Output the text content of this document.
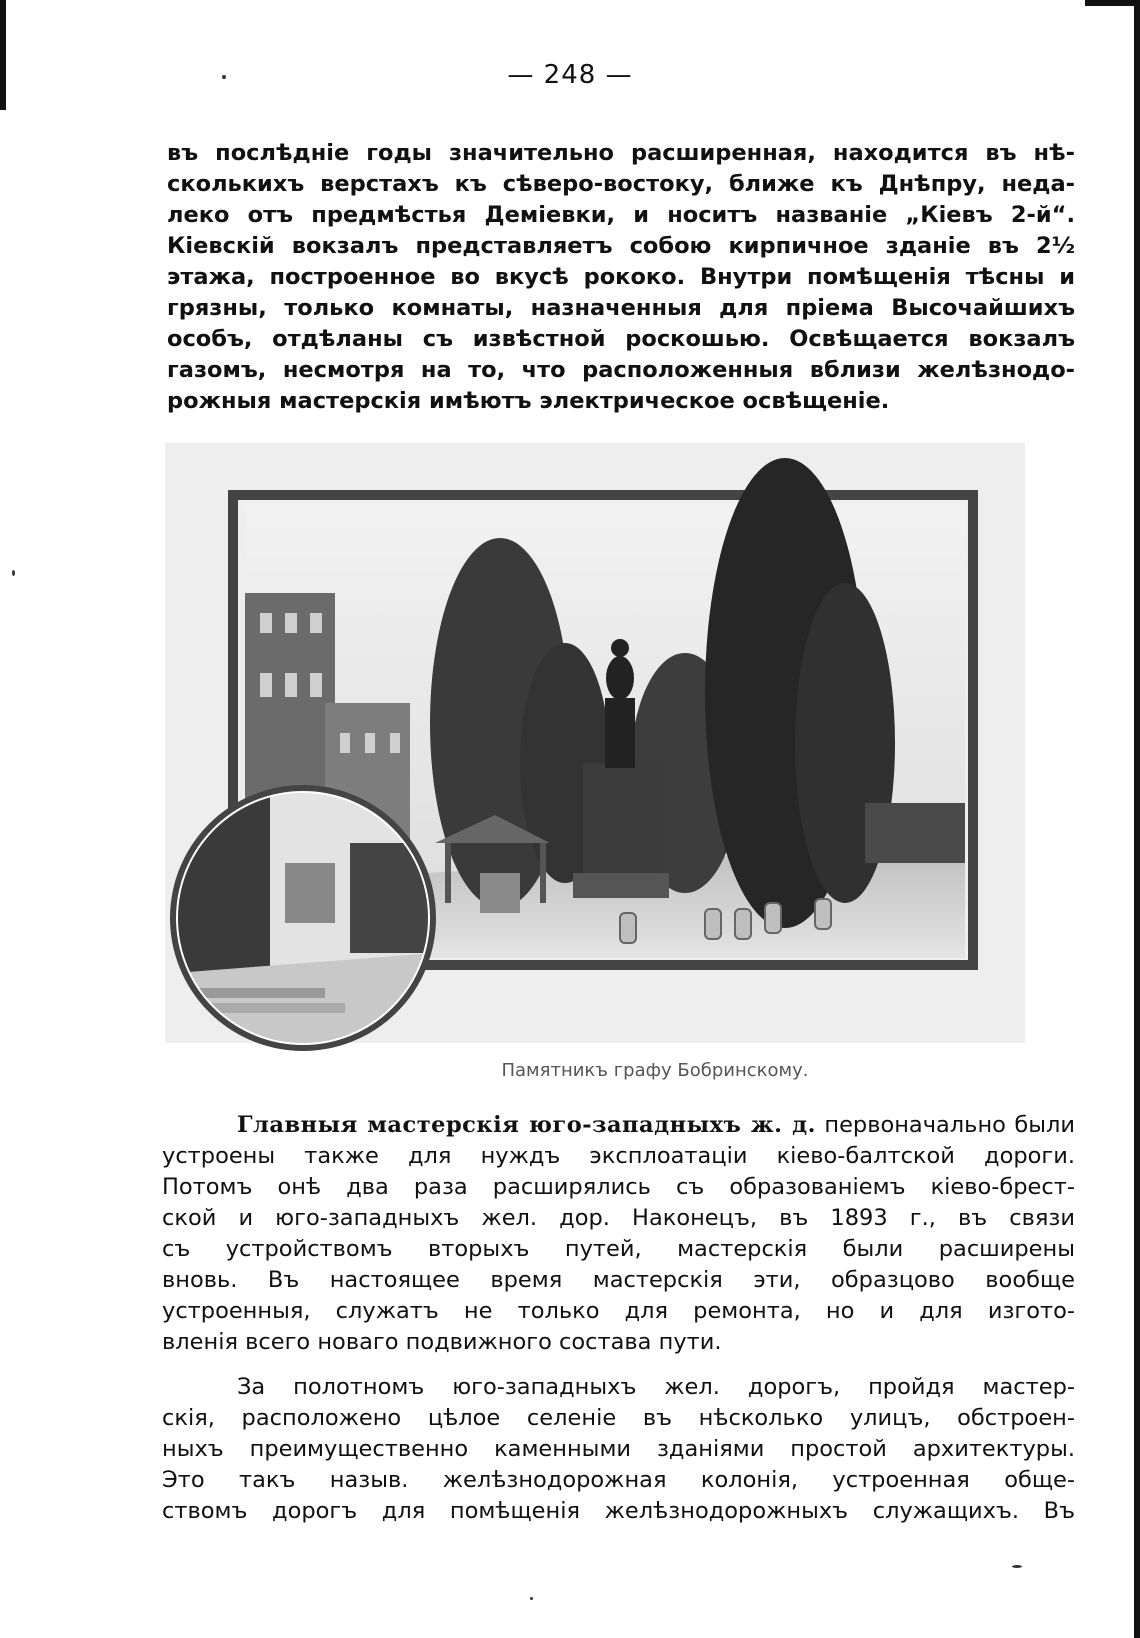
— 248 —

въ послѣдніе годы значительно расширенная, находится въ нѣ-
сколькихъ верстахъ къ сѣверо-востоку, ближе къ Днѣпру, неда-
леко отъ предмѣстья Деміевки, и носитъ названіе „Кіевъ 2-й“.
Кіевскій вокзалъ представляетъ собою кирпичное зданіе въ 2½
этажа, построенное во вкусѣ рококо. Внутри помѣщенія тѣсны и
грязны, только комнаты, назначенныя для пріема Высочайшихъ
особъ, отдѣланы съ извѣстной роскошью. Освѣщается вокзалъ
газомъ, несмотря на то, что расположенныя вблизи желѣзнодо-
рожныя мастерскія имѣютъ электрическое освѣщеніе.

Памятникъ графу Бобринскому.

Главныя мастерскія юго-западныхъ ж. д. первоначально были
устроены также для нуждъ эксплоатаціи кіево-балтской дороги.
Потомъ онѣ два раза расширялись съ образованіемъ кіево-брест-
ской и юго-западныхъ жел. дор. Наконецъ, въ 1893 г., въ связи
съ устройствомъ вторыхъ путей, мастерскія были расширены
вновь. Въ настоящее время мастерскія эти, образцово вообще
устроенныя, служатъ не только для ремонта, но и для изгото-
вленія всего новаго подвижного состава пути.

За полотномъ юго-западныхъ жел. дорогъ, пройдя мастер-
скія, расположено цѣлое селеніе въ нѣсколько улицъ, обстроен-
ныхъ преимущественно каменными зданіями простой архитектуры.
Это такъ назыв. желѣзнодорожная колонія, устроенная обще-
ствомъ дорогъ для помѣщенія желѣзнодорожныхъ служащихъ. Въ
